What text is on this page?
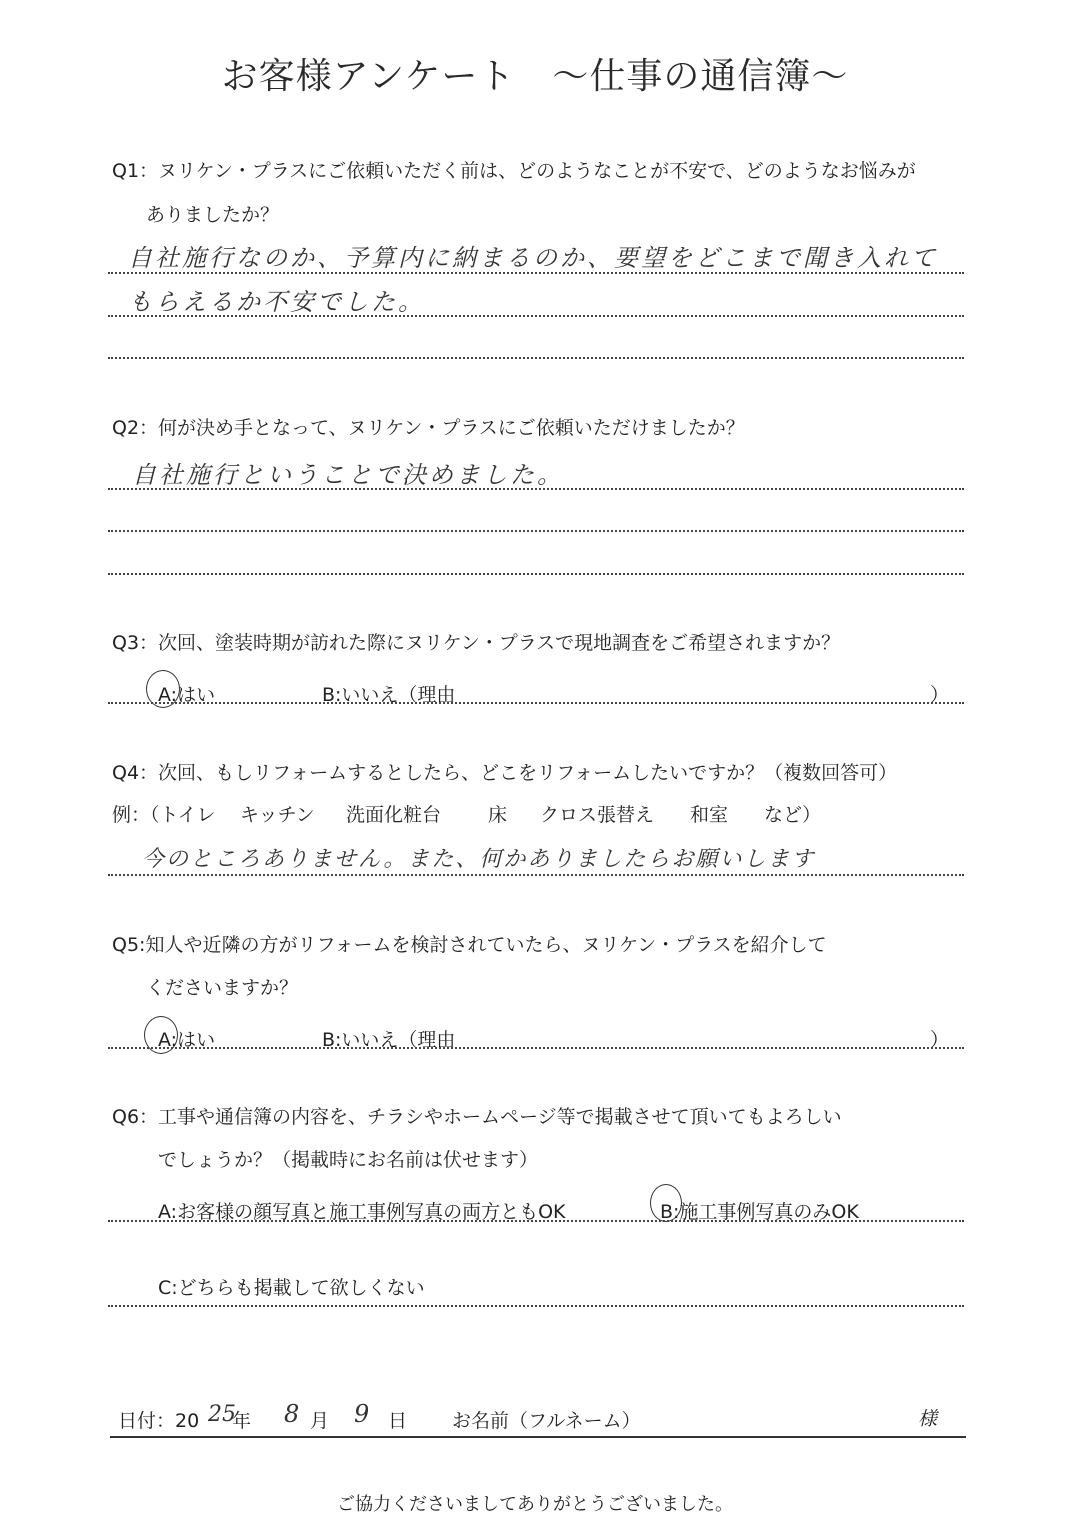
お客様アンケート　～仕事の通信簿～
Q1：ヌリケン・プラスにご依頼いただく前は、どのようなことが不安で、どのようなお悩みが
ありましたか？
自社施行なのか、予算内に納まるのか、要望をどこまで聞き入れて
もらえるか不安でした。
Q2：何が決め手となって、ヌリケン・プラスにご依頼いただけましたか？
自社施行ということで決めました。
Q3：次回、塗装時期が訪れた際にヌリケン・プラスで現地調査をご希望されますか？
A:はい	B:いいえ（理由	）
Q4：次回、もしリフォームするとしたら、どこをリフォームしたいですか？（複数回答可）
例：（トイレ キッチン 洗面化粧台 床 クロス張替え 和室 など）
今のところありません。また、何かありましたらお願いします
Q5:知人や近隣の方がリフォームを検討されていたら、ヌリケン・プラスを紹介して
くださいますか？
A:はい	B:いいえ（理由	）
Q6：工事や通信簿の内容を、チラシやホームページ等で掲載させて頂いてもよろしい
でしょうか？（掲載時にお名前は伏せます）
A:お客様の顔写真と施工事例写真の両方ともOK	B:施工事例写真のみOK
C:どちらも掲載して欲しくない
日付：20 25
年 8 月 9 日 お名前（フルネーム）	様
ご協力くださいましてありがとうございました。
